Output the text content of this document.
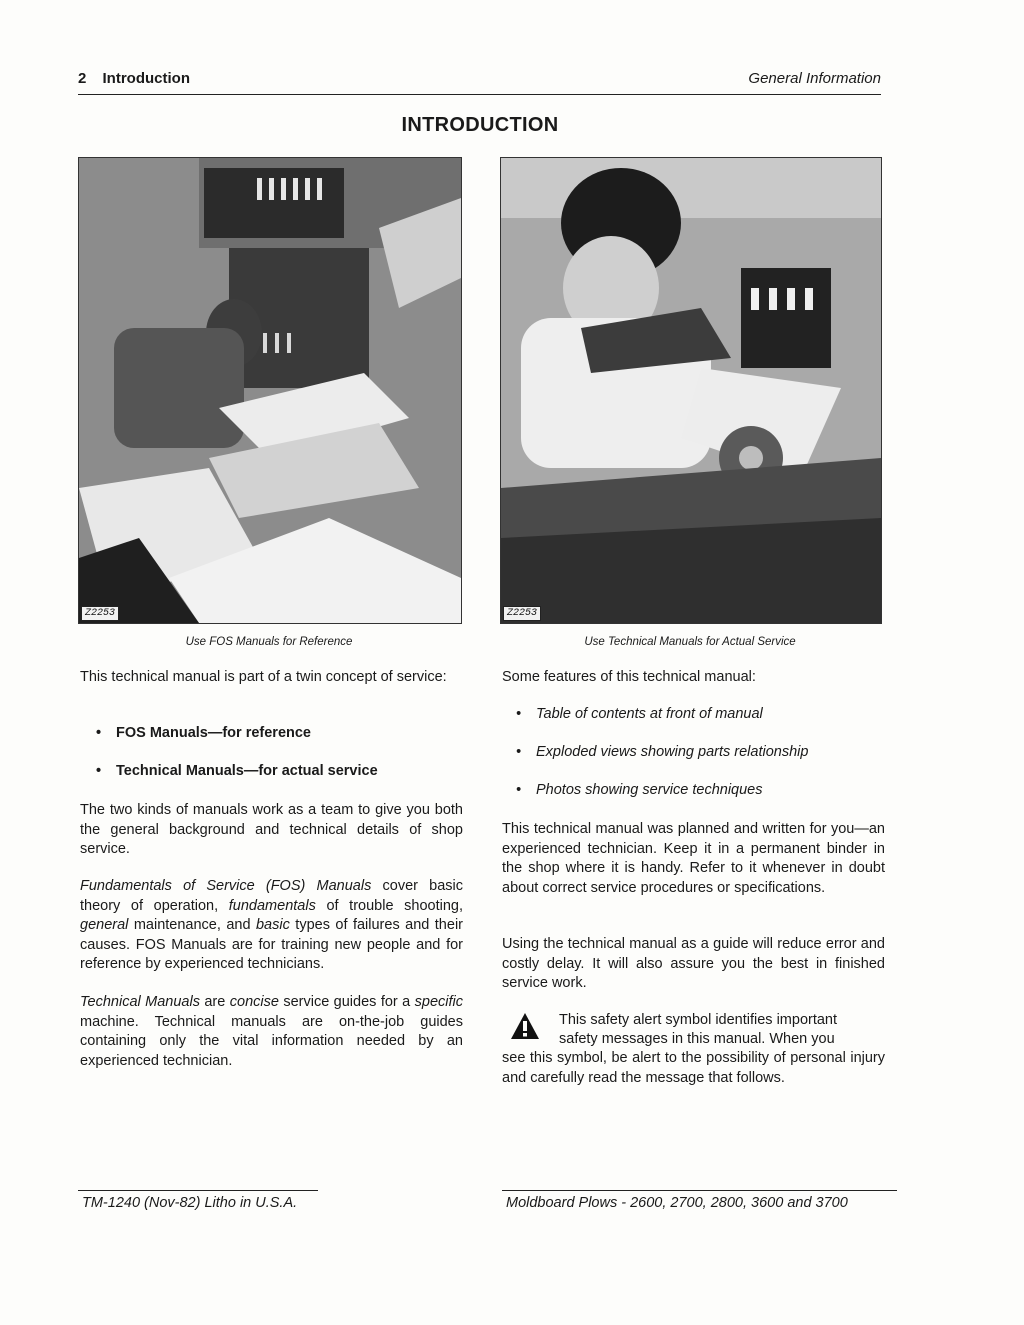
2 Introduction	General Information
INTRODUCTION
Z2253
Use FOS Manuals for Reference
Z2253
Use Technical Manuals for Actual Service
This technical manual is part of a twin concept of service:
• FOS Manuals—for reference
• Technical Manuals—for actual service
The two kinds of manuals work as a team to give you both the general background and technical details of shop service.
Fundamentals of Service (FOS) Manuals cover basic theory of operation, fundamentals of trouble shooting, general maintenance, and basic types of failures and their causes. FOS Manuals are for training new people and for reference by experienced technicians.
Technical Manuals are concise service guides for a specific machine. Technical manuals are on-the-job guides containing only the vital information needed by an experienced technician.
Some features of this technical manual:
• Table of contents at front of manual
• Exploded views showing parts relationship
• Photos showing service techniques
This technical manual was planned and written for you—an experienced technician. Keep it in a permanent binder in the shop where it is handy. Refer to it whenever in doubt about correct service procedures or specifications.
Using the technical manual as a guide will reduce error and costly delay. It will also assure you the best in finished service work.
This safety alert symbol identifies important
safety messages in this manual. When you
see this symbol, be alert to the possibility of personal injury and carefully read the message that follows.
TM-1240 (Nov-82) Litho in U.S.A.	Moldboard Plows - 2600, 2700, 2800, 3600 and 3700
